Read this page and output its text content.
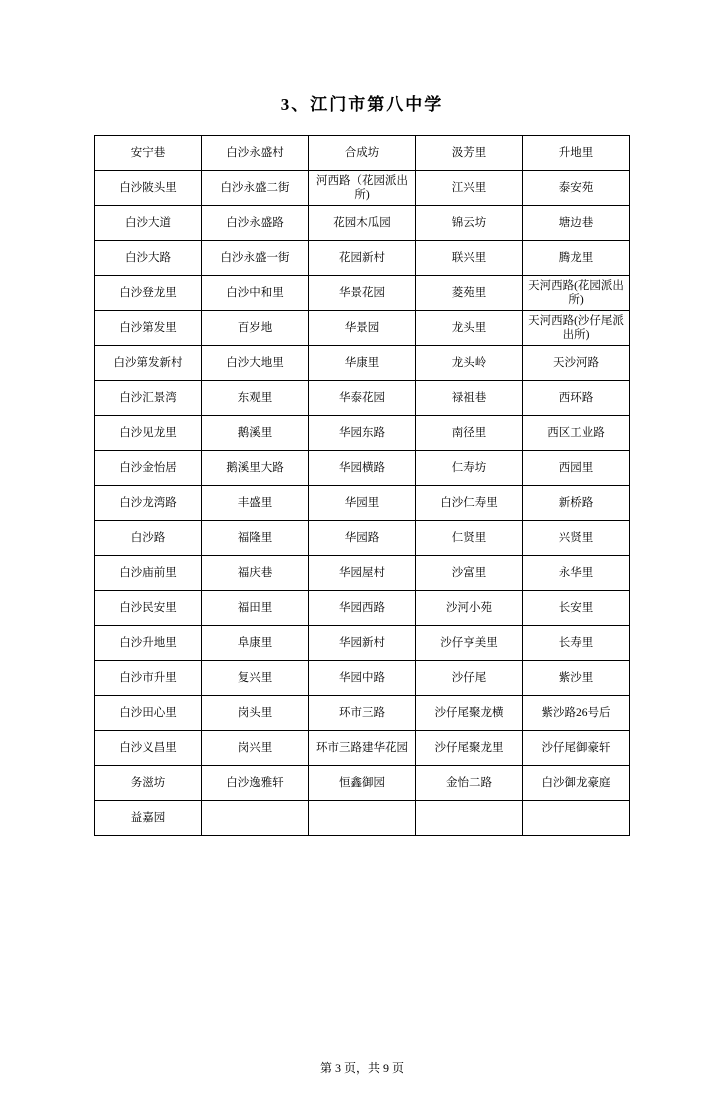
3、江门市第八中学
安宁巷	白沙永盛村	合成坊	汲芳里	升地里
白沙陂头里	白沙永盛二街	河西路（花园派出所)	江兴里	泰安苑
白沙大道	白沙永盛路	花园木瓜园	锦云坊	塘边巷
白沙大路	白沙永盛一街	花园新村	联兴里	腾龙里
白沙登龙里	白沙中和里	华景花园	菱苑里	天河西路(花园派出所)
白沙第发里	百岁地	华景园	龙头里	天河西路(沙仔尾派出所)
白沙第发新村	白沙大地里	华康里	龙头岭	天沙河路
白沙汇景湾	东观里	华泰花园	禄祖巷	西环路
白沙见龙里	鹅溪里	华园东路	南径里	西区工业路
白沙金怡居	鹅溪里大路	华园横路	仁寿坊	西园里
白沙龙湾路	丰盛里	华园里	白沙仁寿里	新桥路
白沙路	福隆里	华园路	仁贤里	兴贤里
白沙庙前里	福庆巷	华园屋村	沙富里	永华里
白沙民安里	福田里	华园西路	沙河小苑	长安里
白沙升地里	阜康里	华园新村	沙仔亨美里	长寿里
白沙市升里	复兴里	华园中路	沙仔尾	紫沙里
白沙田心里	岗头里	环市三路	沙仔尾聚龙横	紫沙路26号后
白沙义昌里	岗兴里	环市三路建华花园	沙仔尾聚龙里	沙仔尾御豪轩
务滋坊	白沙逸雅轩	恒鑫御园	金怡二路	白沙御龙豪庭
益嘉园				
第 3 页，共 9 页
